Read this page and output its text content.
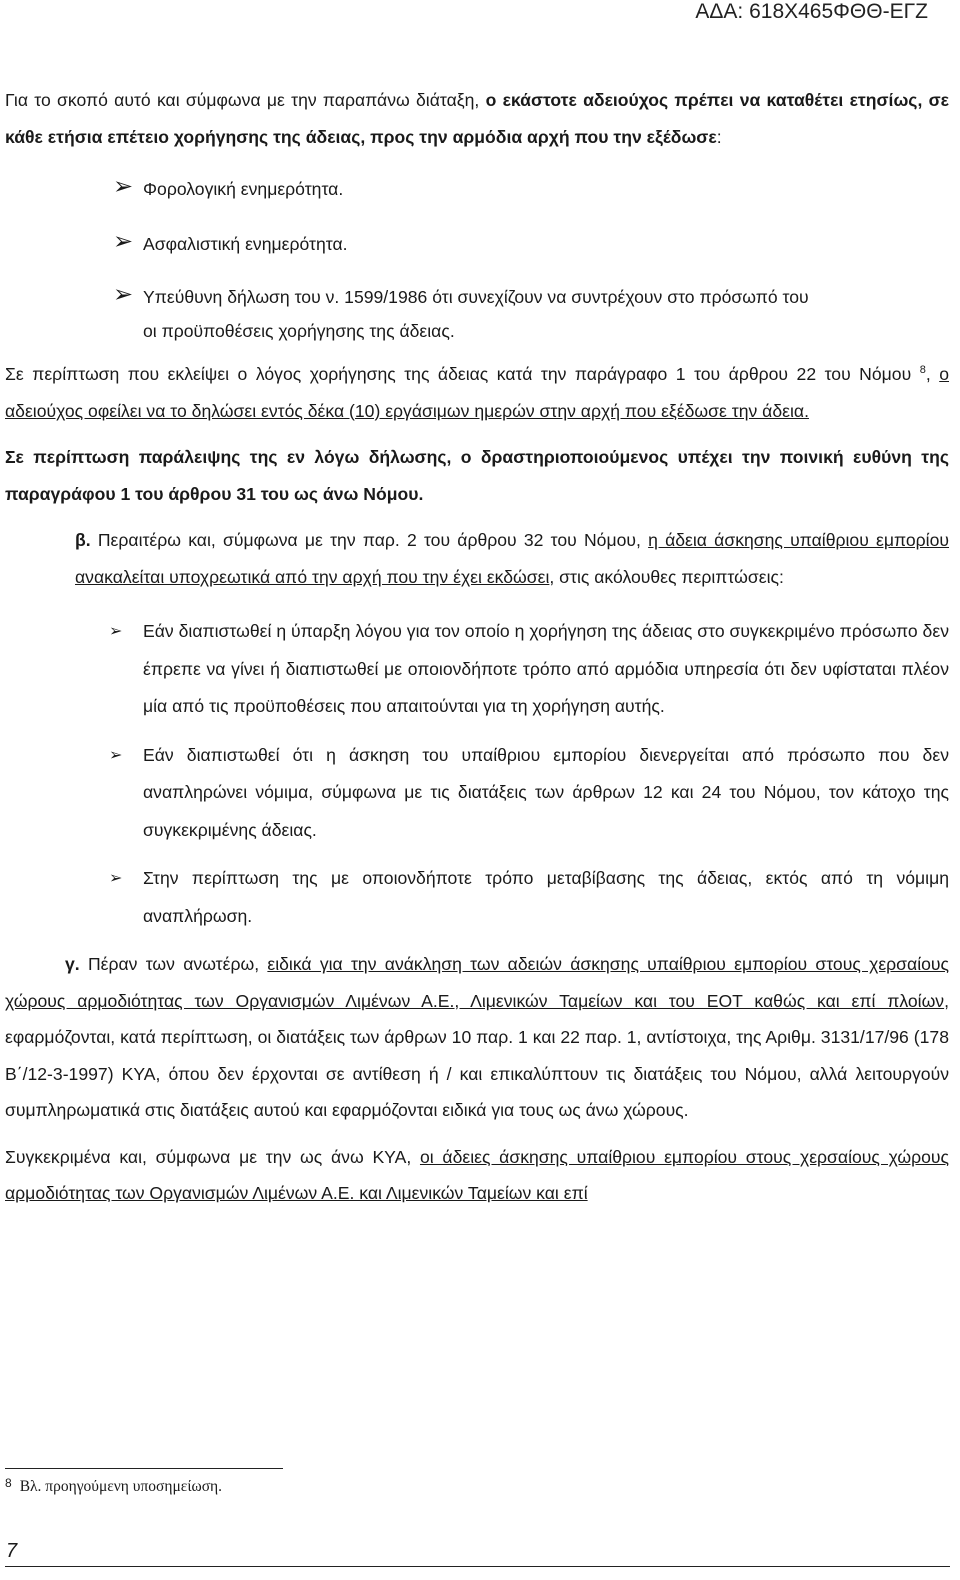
ΑΔΑ: 618Χ465ΦΘΘ-ΕΓΖ

Για το σκοπό αυτό και σύμφωνα με την παραπάνω διάταξη, ο εκάστοτε αδειούχος πρέπει να καταθέτει ετησίως, σε κάθε ετήσια επέτειο χορήγησης της άδειας, προς την αρμόδια αρχή που την εξέδωσε:

➢ Φορολογική ενημερότητα.
➢ Ασφαλιστική ενημερότητα.
➢ Υπεύθυνη δήλωση του ν. 1599/1986 ότι συνεχίζουν να συντρέχουν στο πρόσωπό του
οι προϋποθέσεις χορήγησης της άδειας.

Σε περίπτωση που εκλείψει ο λόγος χορήγησης της άδειας κατά την παράγραφο 1 του άρθρου 22 του Νόμου $^8$, ο αδειούχος οφείλει να το δηλώσει εντός δέκα (10) εργάσιμων ημερών στην αρχή που εξέδωσε την άδεια.

Σε περίπτωση παράλειψης της εν λόγω δήλωσης, ο δραστηριοποιούμενος υπέχει την ποινική ευθύνη της παραγράφου 1 του άρθρου 31 του ως άνω Νόμου.

β. Περαιτέρω και, σύμφωνα με την παρ. 2 του άρθρου 32 του Νόμου, η άδεια άσκησης υπαίθριου εμπορίου ανακαλείται υποχρεωτικά από την αρχή που την έχει εκδώσει, στις ακόλουθες περιπτώσεις:

➢ Εάν διαπιστωθεί η ύπαρξη λόγου για τον οποίο η χορήγηση της άδειας στο συγκεκριμένο πρόσωπο δεν έπρεπε να γίνει ή διαπιστωθεί με οποιονδήποτε τρόπο από αρμόδια υπηρεσία ότι δεν υφίσταται πλέον μία από τις προϋποθέσεις που απαιτούνται για τη χορήγηση αυτής.
➢ Εάν διαπιστωθεί ότι η άσκηση του υπαίθριου εμπορίου διενεργείται από πρόσωπο που δεν αναπληρώνει νόμιμα, σύμφωνα με τις διατάξεις των άρθρων 12 και 24 του Νόμου, τον κάτοχο της συγκεκριμένης άδειας.
➢ Στην περίπτωση της με οποιονδήποτε τρόπο μεταβίβασης της άδειας, εκτός από τη νόμιμη αναπλήρωση.

γ. Πέραν των ανωτέρω, ειδικά για την ανάκληση των αδειών άσκησης υπαίθριου εμπορίου στους χερσαίους χώρους αρμοδιότητας των Οργανισμών Λιμένων Α.Ε., Λιμενικών Ταμείων και του ΕΟΤ καθώς και επί πλοίων, εφαρμόζονται, κατά περίπτωση, οι διατάξεις των άρθρων 10 παρ. 1 και 22 παρ. 1, αντίστοιχα, της Αριθμ. 3131/17/96 (178 Β΄/12-3-1997) ΚΥΑ, όπου δεν έρχονται σε αντίθεση ή / και επικαλύπτουν τις διατάξεις του Νόμου, αλλά λειτουργούν συμπληρωματικά στις διατάξεις αυτού και εφαρμόζονται ειδικά για τους ως άνω χώρους.

Συγκεκριμένα και, σύμφωνα με την ως άνω ΚΥΑ, οι άδειες άσκησης υπαίθριου εμπορίου στους χερσαίους χώρους αρμοδιότητας των Οργανισμών Λιμένων Α.Ε. και Λιμενικών Ταμείων και επί

$^8$ Βλ. προηγούμενη υποσημείωση.
7
